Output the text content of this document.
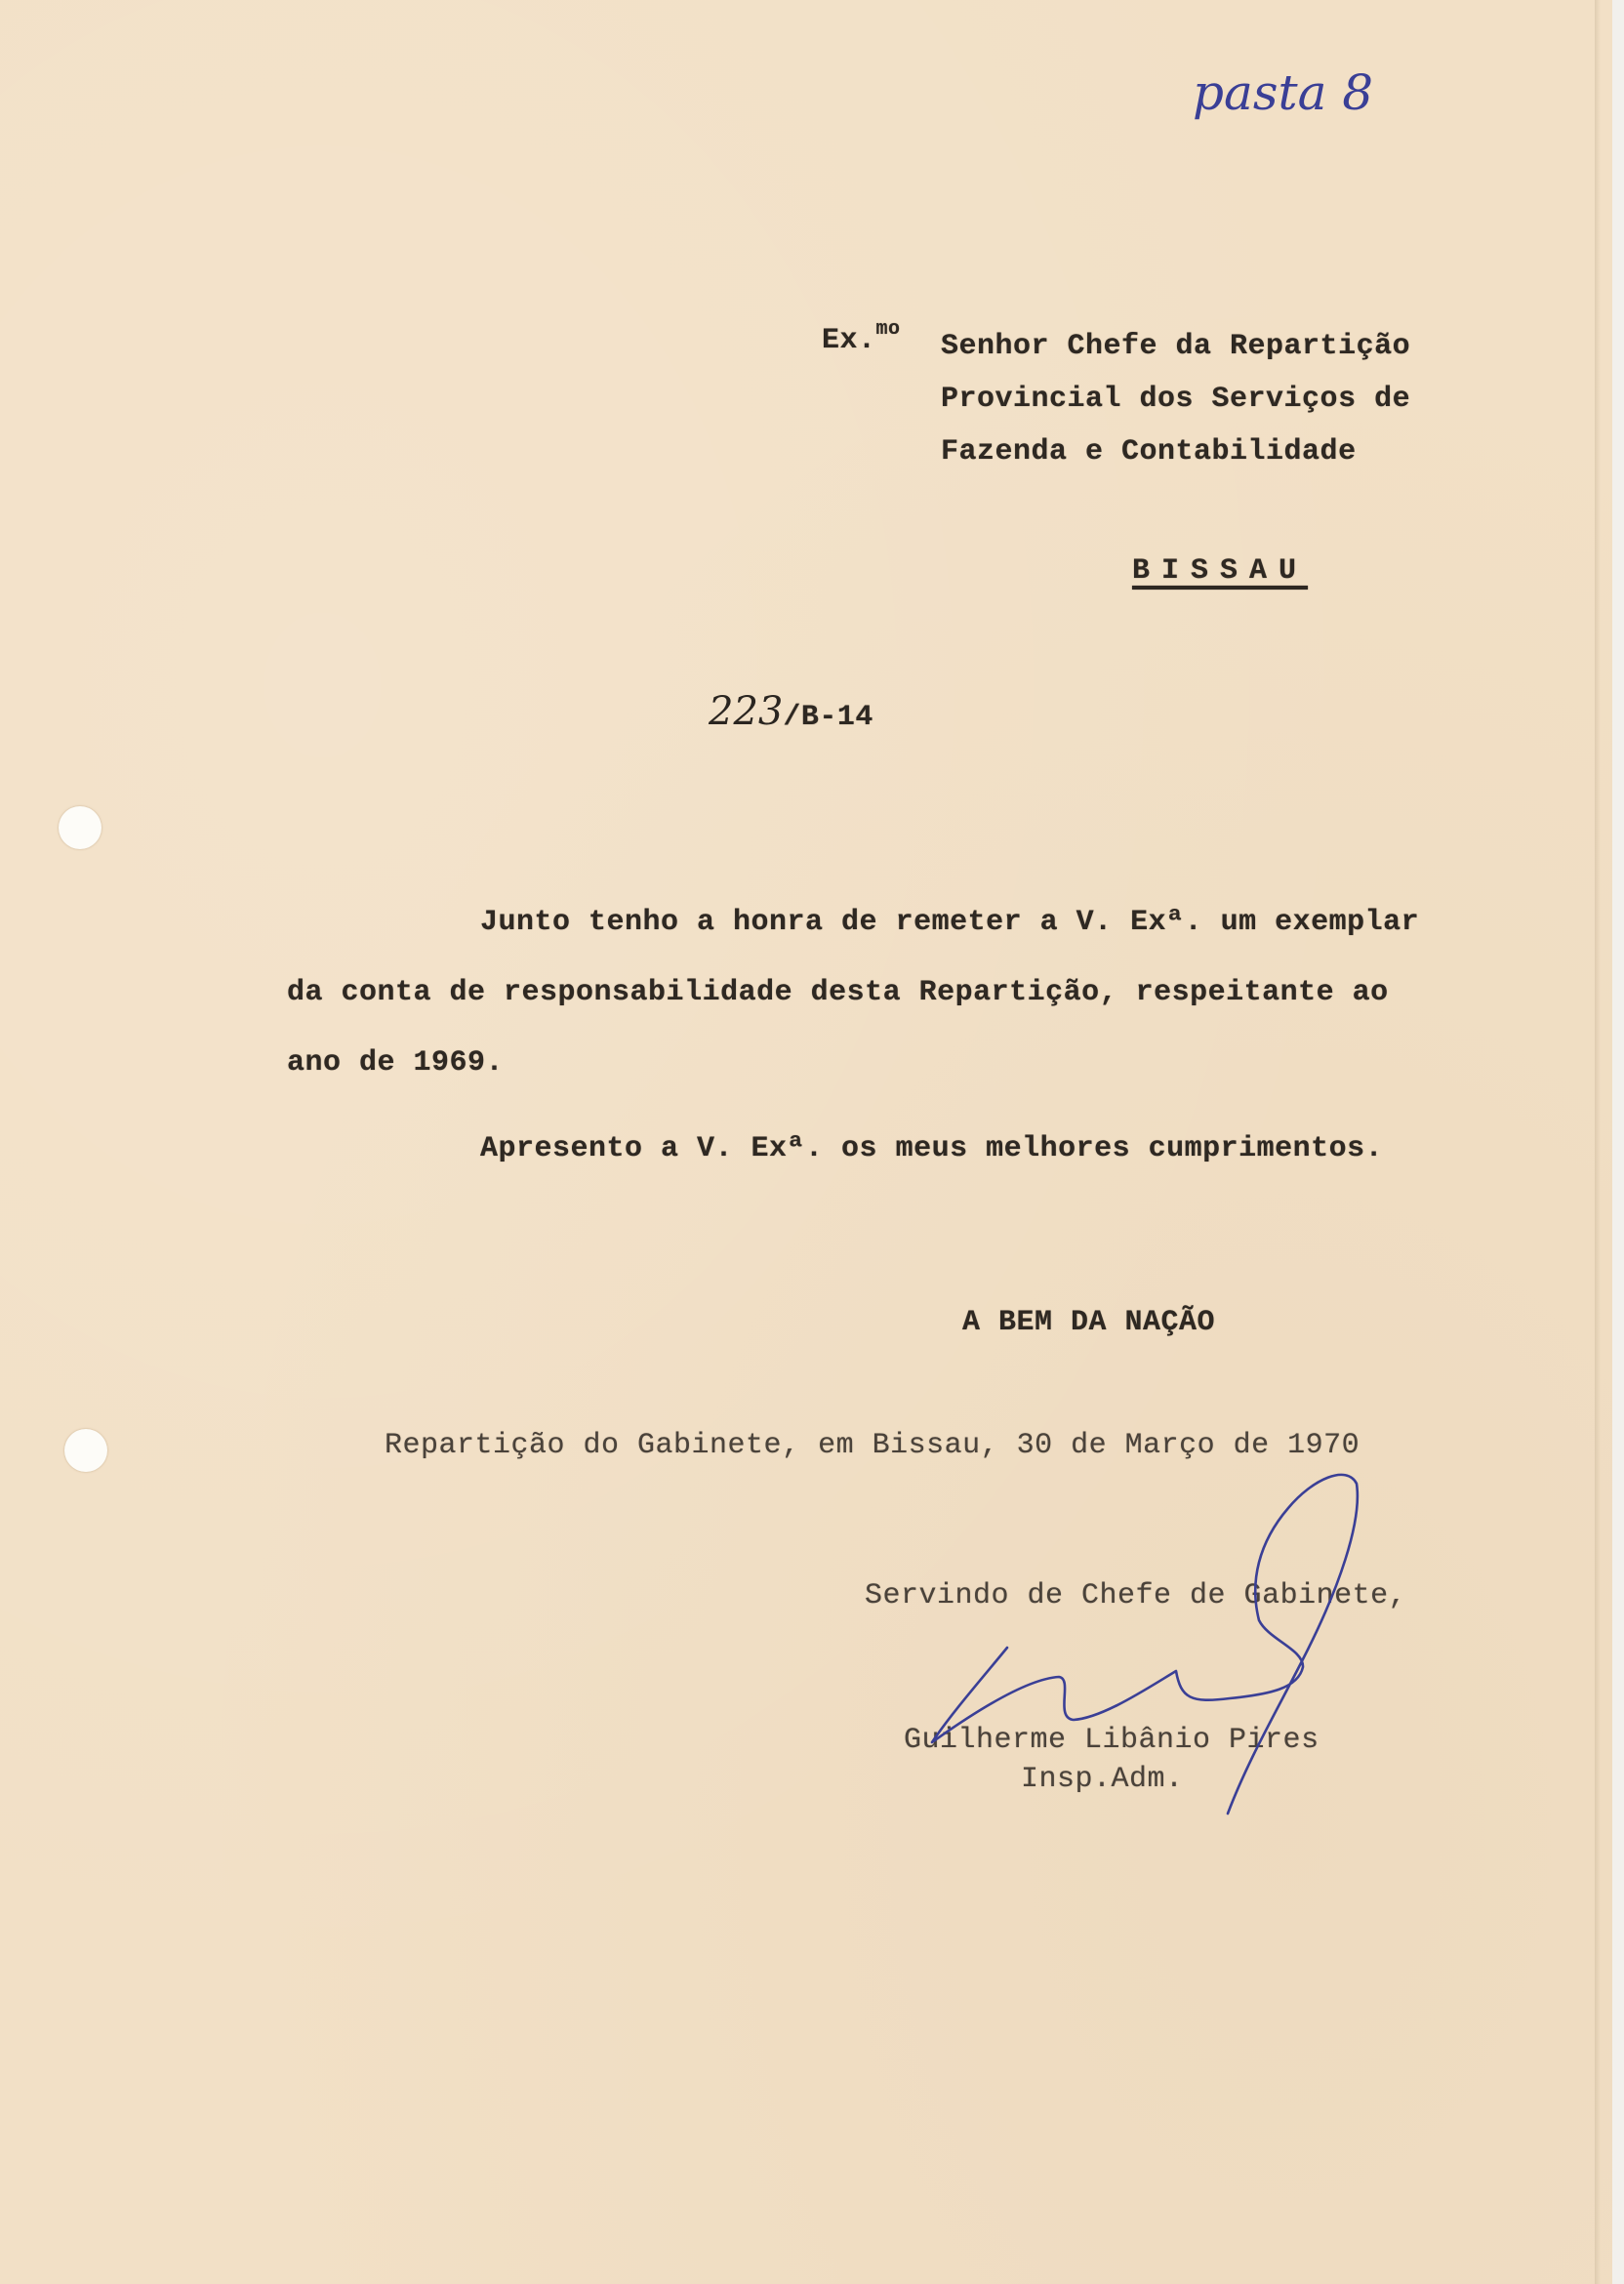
pasta 8
Ex.$^{mo}$
Senhor Chefe da Repartição
Provincial dos Serviços de
Fazenda e Contabilidade
BISSAU
223/B-14
Junto tenho a honra de remeter a V. Exª. um exemplar
da conta de responsabilidade desta Repartição, respeitante ao
ano de 1969.
Apresento a V. Exª. os meus melhores cumprimentos.
A BEM DA NAÇÃO
Repartição do Gabinete, em Bissau, 30 de Março de 1970
Servindo de Chefe de Gabinete,
Guilherme Libânio Pires
Insp.Adm.
